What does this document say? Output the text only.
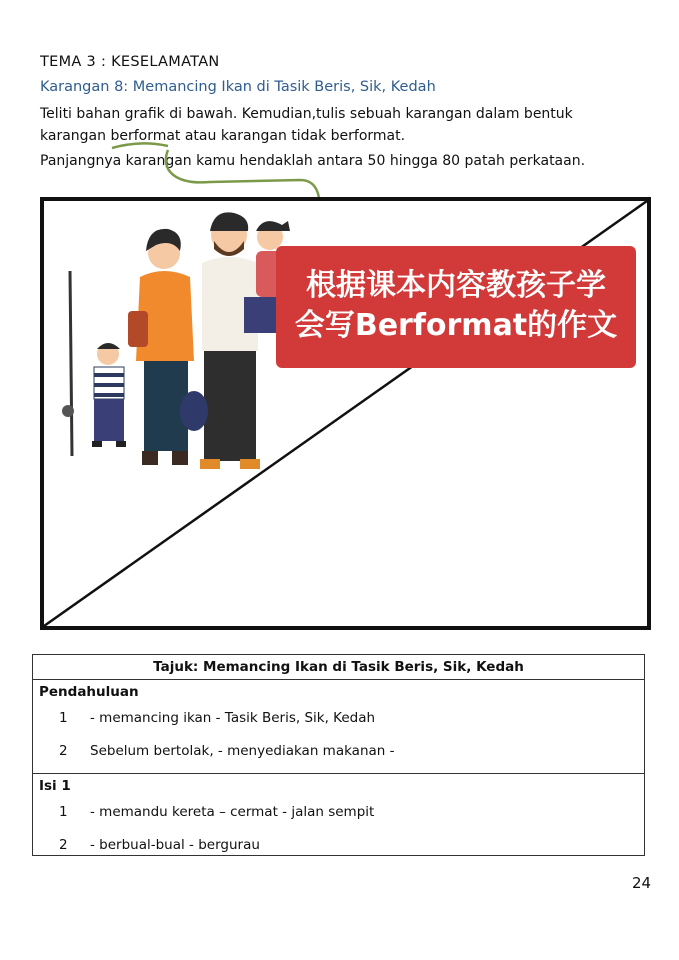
TEMA 3 : KESELAMATAN
Karangan 8: Memancing Ikan di Tasik Beris, Sik, Kedah
Teliti bahan grafik di bawah. Kemudian,tulis sebuah karangan dalam bentuk
karangan berformat atau karangan tidak berformat.
Panjangnya karangan kamu hendaklah antara 50 hingga 80 patah perkataan.
根据课本内容教孩子学
会写Berformat的作文
Tajuk: Memancing Ikan di Tasik Beris, Sik, Kedah
Pendahuluan
1 - memancing ikan - Tasik Beris, Sik, Kedah
2 Sebelum bertolak, - menyediakan makanan -
Isi 1
1 - memandu kereta – cermat - jalan sempit
2 - berbual-bual - bergurau
24
